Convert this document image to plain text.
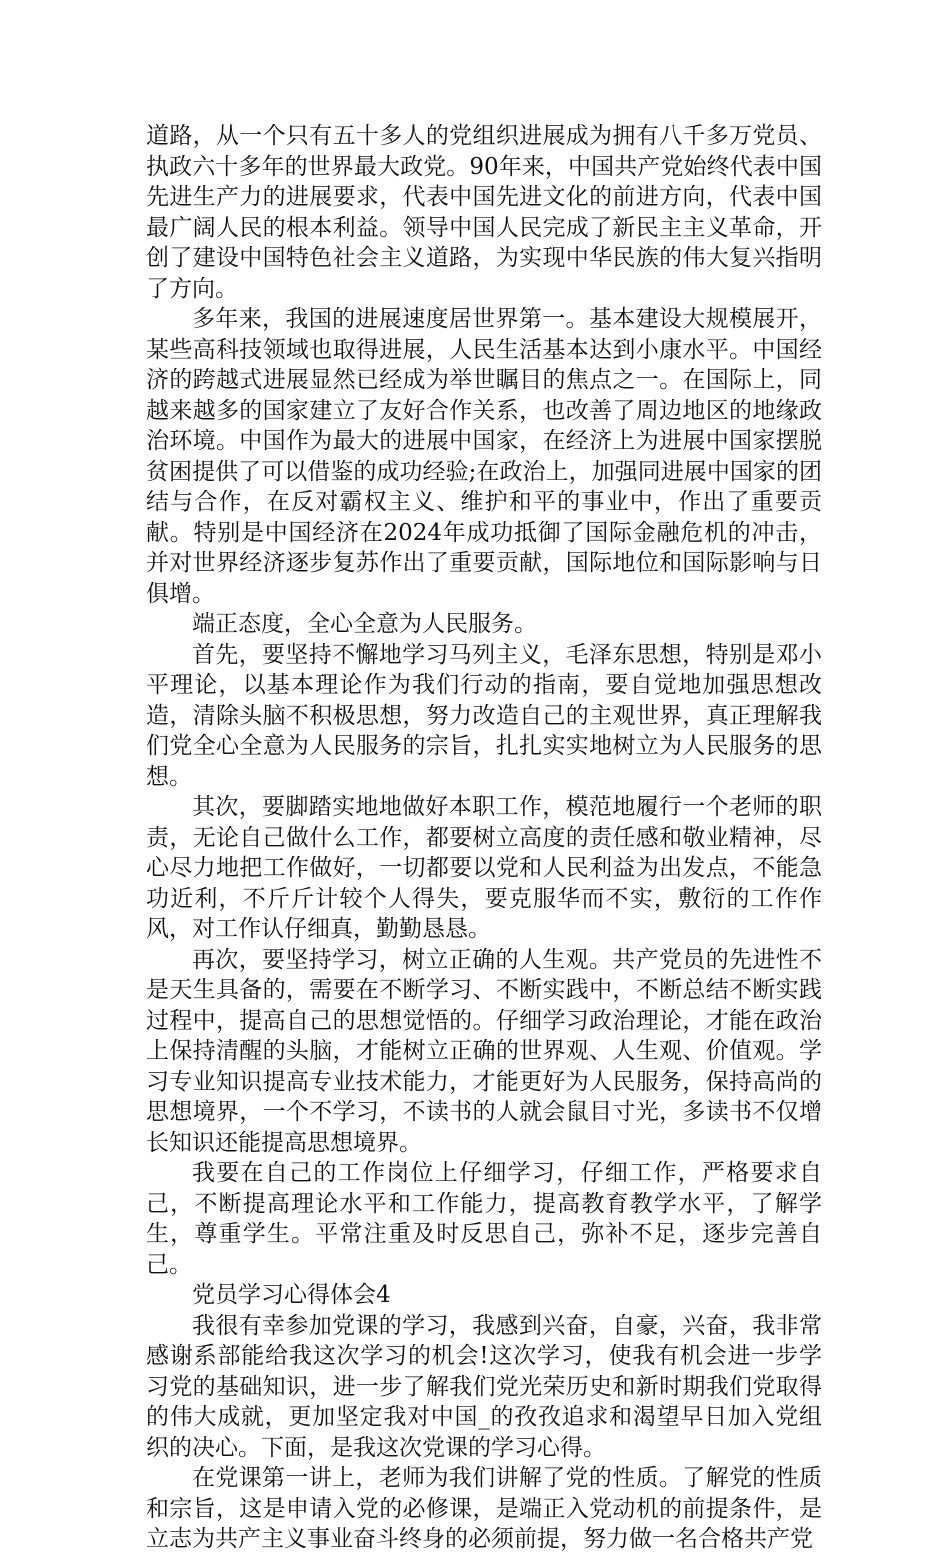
道路，从一个只有五十多人的党组织进展成为拥有八千多万党员、执政六十多年的世界最大政党。90年来，中国共产党始终代表中国先进生产力的进展要求，代表中国先进文化的前进方向，代表中国最广阔人民的根本利益。领导中国人民完成了新民主主义革命，开创了建设中国特色社会主义道路，为实现中华民族的伟大复兴指明了方向。

多年来，我国的进展速度居世界第一。基本建设大规模展开，某些高科技领域也取得进展，人民生活基本达到小康水平。中国经济的跨越式进展显然已经成为举世瞩目的焦点之一。在国际上，同越来越多的国家建立了友好合作关系，也改善了周边地区的地缘政治环境。中国作为最大的进展中国家，在经济上为进展中国家摆脱贫困提供了可以借鉴的成功经验;在政治上，加强同进展中国家的团结与合作，在反对霸权主义、维护和平的事业中，作出了重要贡献。特别是中国经济在2024年成功抵御了国际金融危机的冲击，并对世界经济逐步复苏作出了重要贡献，国际地位和国际影响与日俱增。

端正态度，全心全意为人民服务。

首先，要坚持不懈地学习马列主义，毛泽东思想，特别是邓小平理论，以基本理论作为我们行动的指南，要自觉地加强思想改造，清除头脑不积极思想，努力改造自己的主观世界，真正理解我们党全心全意为人民服务的宗旨，扎扎实实地树立为人民服务的思想。

其次，要脚踏实地地做好本职工作，模范地履行一个老师的职责，无论自己做什么工作，都要树立高度的责任感和敬业精神，尽心尽力地把工作做好，一切都要以党和人民利益为出发点，不能急功近利，不斤斤计较个人得失，要克服华而不实，敷衍的工作作风，对工作认仔细真，勤勤恳恳。

再次，要坚持学习，树立正确的人生观。共产党员的先进性不是天生具备的，需要在不断学习、不断实践中，不断总结不断实践过程中，提高自己的思想觉悟的。仔细学习政治理论，才能在政治上保持清醒的头脑，才能树立正确的世界观、人生观、价值观。学习专业知识提高专业技术能力，才能更好为人民服务，保持高尚的思想境界，一个不学习，不读书的人就会鼠目寸光，多读书不仅增长知识还能提高思想境界。

我要在自己的工作岗位上仔细学习，仔细工作，严格要求自己，不断提高理论水平和工作能力，提高教育教学水平，了解学生，尊重学生。平常注重及时反思自己，弥补不足，逐步完善自己。

党员学习心得体会4

我很有幸参加党课的学习，我感到兴奋，自豪，兴奋，我非常感谢系部能给我这次学习的机会!这次学习，使我有机会进一步学习党的基础知识，进一步了解我们党光荣历史和新时期我们党取得的伟大成就，更加坚定我对中国_的孜孜追求和渴望早日加入党组织的决心。下面，是我这次党课的学习心得。

在党课第一讲上，老师为我们讲解了党的性质。了解党的性质和宗旨，这是申请入党的必修课，是端正入党动机的前提条件，是立志为共产主义事业奋斗终身的必须前提，努力做一名合格共产党
